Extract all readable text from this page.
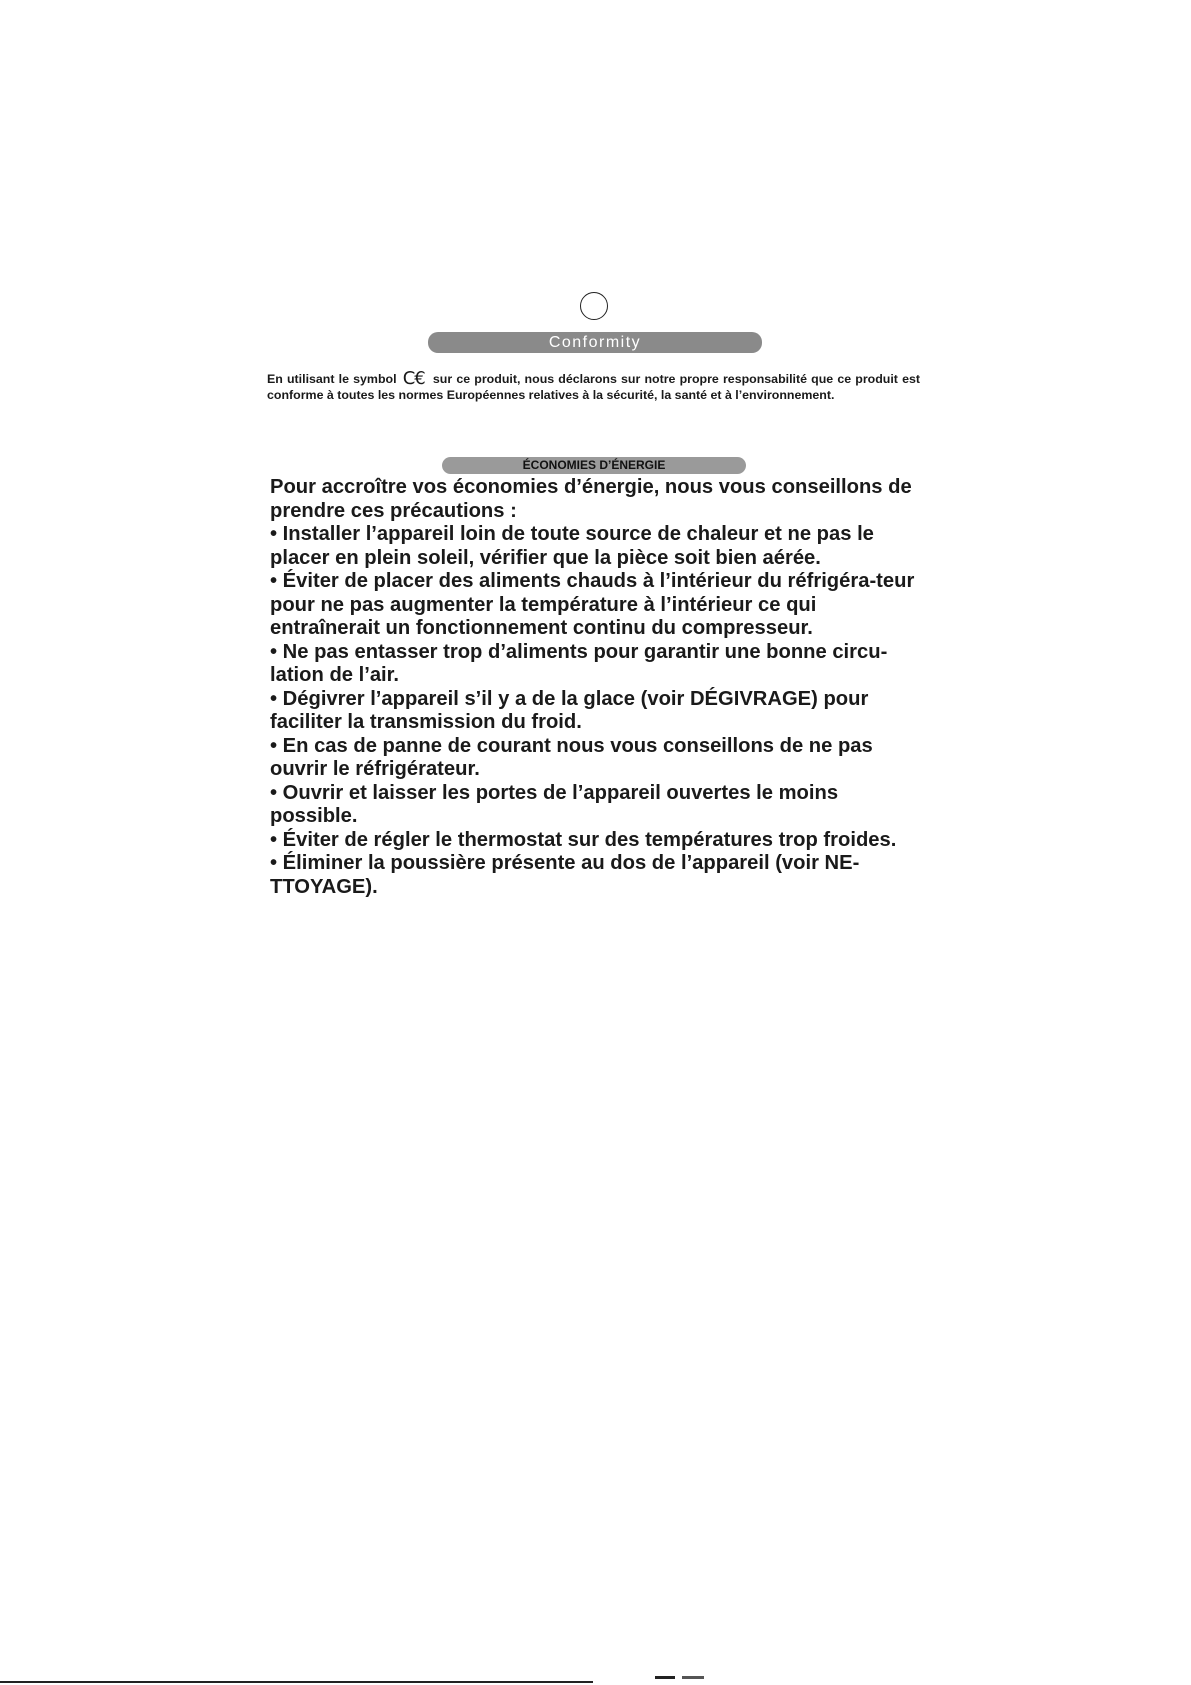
Conformity

En utilisant le symbol C€ sur ce produit, nous déclarons sur notre propre responsabilité que ce produit est conforme à toutes les normes Européennes relatives à la sécurité, la santé et à l’environnement.

ÉCONOMIES D’ÉNERGIE

Pour accroître vos économies d’énergie, nous vous conseillons de prendre ces précautions :

• Installer l’appareil loin de toute source de chaleur et ne pas le placer en plein soleil, vérifier que la pièce soit bien aérée.

• Éviter de placer des aliments chauds à l’intérieur du réfrigéra-teur pour ne pas augmenter la température à l’intérieur ce qui entraînerait un fonctionnement continu du compresseur.

• Ne pas entasser trop d’aliments pour garantir une bonne circu-lation de l’air.

• Dégivrer l’appareil s’il y a de la glace (voir DÉGIVRAGE) pour faciliter la transmission du froid.

• En cas de panne de courant nous vous conseillons de ne pas ouvrir le réfrigérateur.

• Ouvrir et laisser les portes de l’appareil ouvertes le moins possible.

• Éviter de régler le thermostat sur des températures trop froides.

• Éliminer la poussière présente au dos de l’appareil (voir NE-TTOYAGE).
